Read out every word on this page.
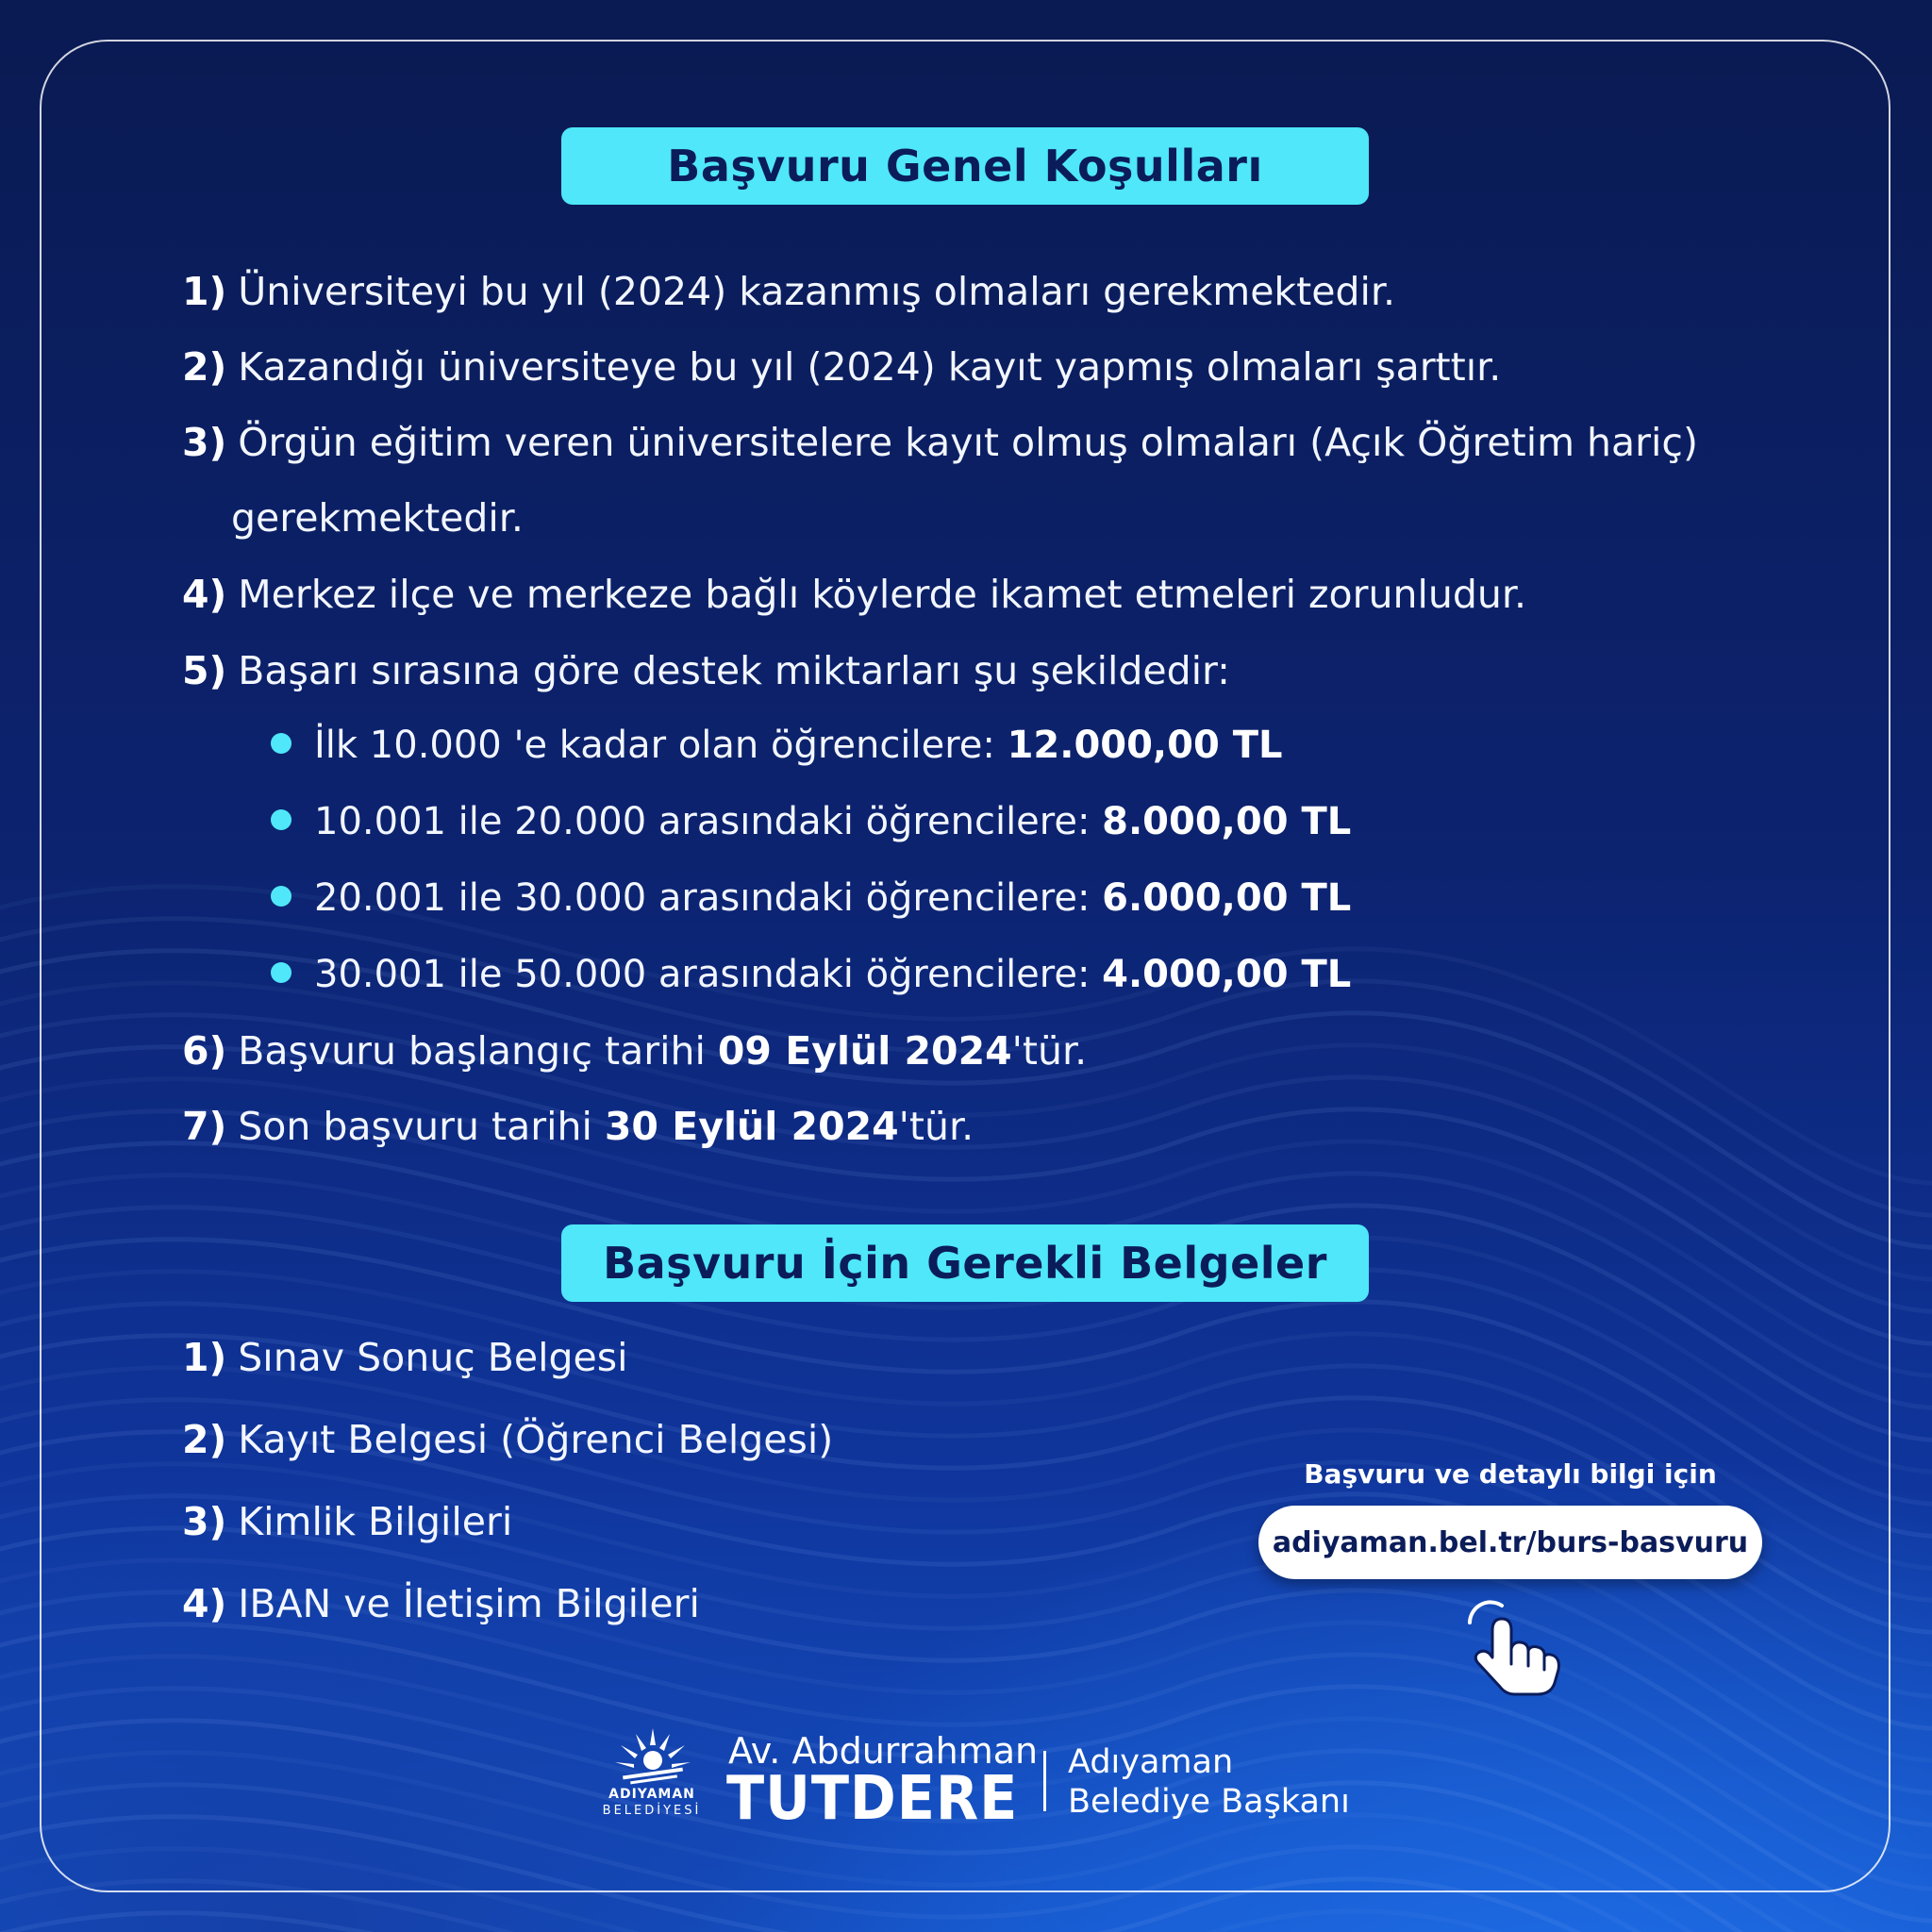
Başvuru Genel Koşulları
1) Üniversiteyi bu yıl (2024) kazanmış olmaları gerekmektedir.
2) Kazandığı üniversiteye bu yıl (2024) kayıt yapmış olmaları şarttır.
3) Örgün eğitim veren üniversitelere kayıt olmuş olmaları (Açık Öğretim hariç)
gerekmektedir.
4) Merkez ilçe ve merkeze bağlı köylerde ikamet etmeleri zorunludur.
5) Başarı sırasına göre destek miktarları şu şekildedir:
İlk 10.000 'e kadar olan öğrencilere: 12.000,00 TL
10.001 ile 20.000 arasındaki öğrencilere: 8.000,00 TL
20.001 ile 30.000 arasındaki öğrencilere: 6.000,00 TL
30.001 ile 50.000 arasındaki öğrencilere: 4.000,00 TL
6) Başvuru başlangıç tarihi 09 Eylül 2024'tür.
7) Son başvuru tarihi 30 Eylül 2024'tür.
Başvuru İçin Gerekli Belgeler
1) Sınav Sonuç Belgesi
2) Kayıt Belgesi (Öğrenci Belgesi)
3) Kimlik Bilgileri
4) IBAN ve İletişim Bilgileri
Başvuru ve detaylı bilgi için
adiyaman.bel.tr/burs-basvuru
ADIYAMAN
BELEDİYESİ
Av. Abdurrahman
TUTDERE
Adıyaman
Belediye Başkanı
